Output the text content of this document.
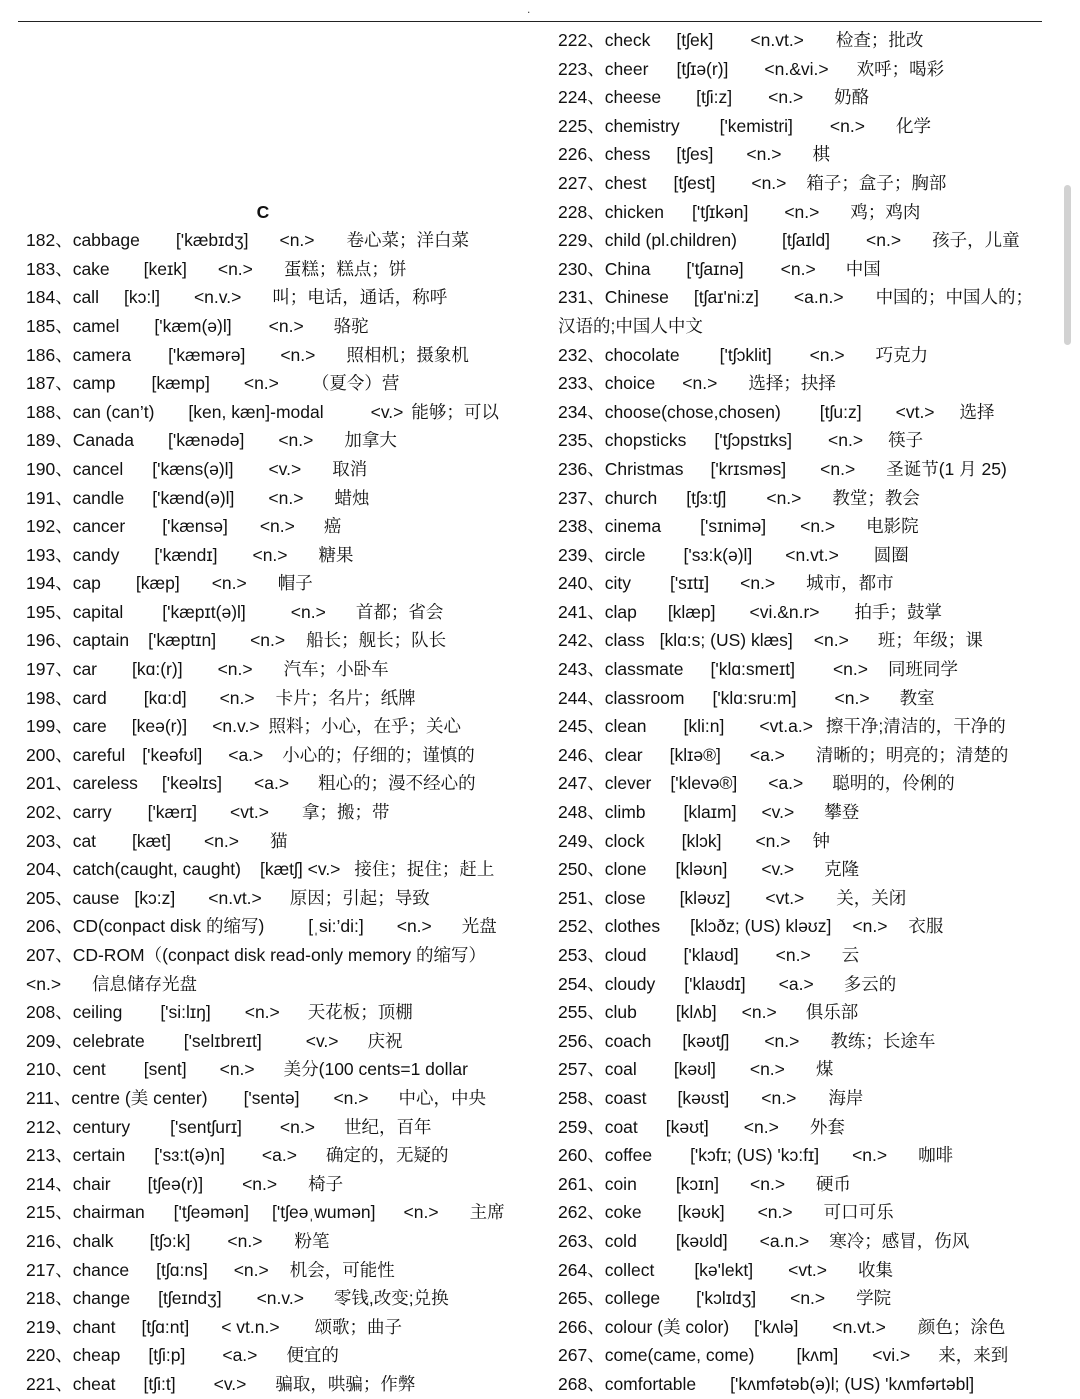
.
C
182、cabbage ['kæbɪdʒ] <n.> 卷心菜；洋白菜
183、cake [keɪk] <n.> 蛋糕；糕点；饼
184、call [kɔ:l] <n.v.> 叫；电话，通话，称呼
185、camel ['kæm(ə)l] <n.> 骆驼
186、camera ['kæmərə] <n.> 照相机；摄象机
187、camp [kæmp] <n.> （夏令）营
188、can (can’t) [ken, kæn]-modal	<v.> 能够；可以
189、Canada ['kænədə] <n.> 加拿大
190、cancel ['kæns(ə)l] <v.> 取消
191、candle ['kænd(ə)l] <n.> 蜡烛
192、cancer ['kænsə] <n.> 癌
193、candy ['kændɪ] <n.> 糖果
194、cap [kæp] <n.> 帽子
195、capital ['kæpɪt(ə)l]	<n.> 首都；省会
196、captain ['kæptɪn] <n.> 船长；舰长；队长
197、car [kɑ:(r)] <n.> 汽车；小卧车
198、card [kɑ:d] <n.> 卡片；名片；纸牌
199、care [keə(r)] <n.v.> 照料；小心，在乎；关心
200、careful ['keəfʊl] <a.> 小心的；仔细的；谨慎的
201、careless ['keəlɪs] <a.> 粗心的；漫不经心的
202、carry ['kærɪ] <vt.> 拿；搬；带
203、cat [kæt] <n.> 猫
204、catch(caught, caught) [kætʃ] <v.> 接住；捉住；赶上
205、cause [kɔ:z] <n.vt.> 原因；引起；导致
206、CD(conpact disk 的缩写)	[ˌsi:’di:] <n.> 光盘
207、CD-ROM（(conpact disk read-only memory 的缩写）
<n.> 信息储存光盘
208、ceiling ['si:lɪŋ] <n.> 天花板；顶棚
209、celebrate ['selɪbreɪt]	<v.> 庆祝
210、cent [sent] <n.> 美分(100 cents=1 dollar
211、centre (美 center) ['sentə] <n.> 中心，中央
212、century ['sentʃurɪ] <n.> 世纪，百年
213、certain ['sɜ:t(ə)n] <a.> 确定的，无疑的
214、chair [tʃeə(r)] <n.> 椅子
215、chairman ['tʃeəmən] ['tʃeəˌwumən] <n.> 主席
216、chalk [tʃɔ:k] <n.> 粉笔
217、chance [tʃɑ:ns] <n.> 机会，可能性
218、change [tʃeɪndʒ] <n.v.> 零钱,改变;兑换
219、chant [tʃɑ:nt] < vt.n.> 颂歌；曲子
220、cheap [tʃi:p] <a.> 便宜的
221、cheat [tʃi:t] <v.> 骗取，哄骗；作弊
222、check [tʃek] <n.vt.> 检查；批改
223、cheer [tʃɪə(r)] <n.&vi.> 欢呼；喝彩
224、cheese [tʃi:z] <n.> 奶酪
225、chemistry ['kemistri] <n.> 化学
226、chess [tʃes] <n.> 棋
227、chest [tʃest] <n.> 箱子；盒子；胸部
228、chicken ['tʃɪkən] <n.> 鸡；鸡肉
229、child (pl.children)	[tʃaɪld] <n.> 孩子，儿童
230、China ['tʃaɪnə] <n.> 中国
231、Chinese [tʃaɪ'ni:z] <a.n.> 中国的；中国人的；
汉语的;中国人中文
232、chocolate ['tʃɔklit] <n.> 巧克力
233、choice <n.> 选择；抉择
234、choose(chose,chosen) [tʃu:z] <vt.> 选择
235、chopsticks ['tʃɔpstɪks] <n.> 筷子
236、Christmas ['krɪsməs] <n.> 圣诞节(1 月 25)
237、church [tʃɜ:tʃ] <n.> 教堂；教会
238、cinema ['sɪnimə] <n.> 电影院
239、circle ['sɜ:k(ə)l] <n.vt.> 圆圈
240、city ['sɪtɪ] <n.> 城市，都市
241、clap [klæp] <vi.&n.r> 拍手；鼓掌
242、class [klɑ:s; (US) klæs] <n.> 班；年级；课
243、classmate ['klɑ:smeɪt] <n.> 同班同学
244、classroom ['klɑ:sru:m] <n.> 教室
245、clean [kli:n] <vt.a.> 擦干净;清洁的，干净的
246、clear [klɪə®] <a.> 清晰的；明亮的；清楚的
247、clever ['klevə®] <a.> 聪明的，伶俐的
248、climb [klaɪm] <v.> 攀登
249、clock [klɔk] <n.> 钟
250、clone [kləʊn] <v.> 克隆
251、close [kləʊz] <vt.> 关，关闭
252、clothes [klɔðz; (US) kləʊz] <n.> 衣服
253、cloud ['klaʊd] <n.> 云
254、cloudy ['klaʊdɪ] <a.> 多云的
255、club [klʌb] <n.> 俱乐部
256、coach [kəʊtʃ] <n.> 教练；长途车
257、coal [kəʊl] <n.> 煤
258、coast [kəʊst] <n.> 海岸
259、coat [kəʊt] <n.> 外套
260、coffee ['kɔfɪ; (US) 'kɔ:fɪ] <n.> 咖啡
261、coin [kɔɪn] <n.> 硬币
262、coke [kəʊk] <n.> 可口可乐
263、cold [kəʊld] <a.n.> 寒冷；感冒，伤风
264、collect [kə'lekt] <vt.> 收集
265、college ['kɔlɪdʒ] <n.> 学院
266、colour (美 color) ['kʌlə] <n.vt.> 颜色；涂色
267、come(came, come) [kʌm] <vi.> 来，来到
268、comfortable ['kʌmfətəb(ə)l; (US) 'kʌmfərtəbl]
